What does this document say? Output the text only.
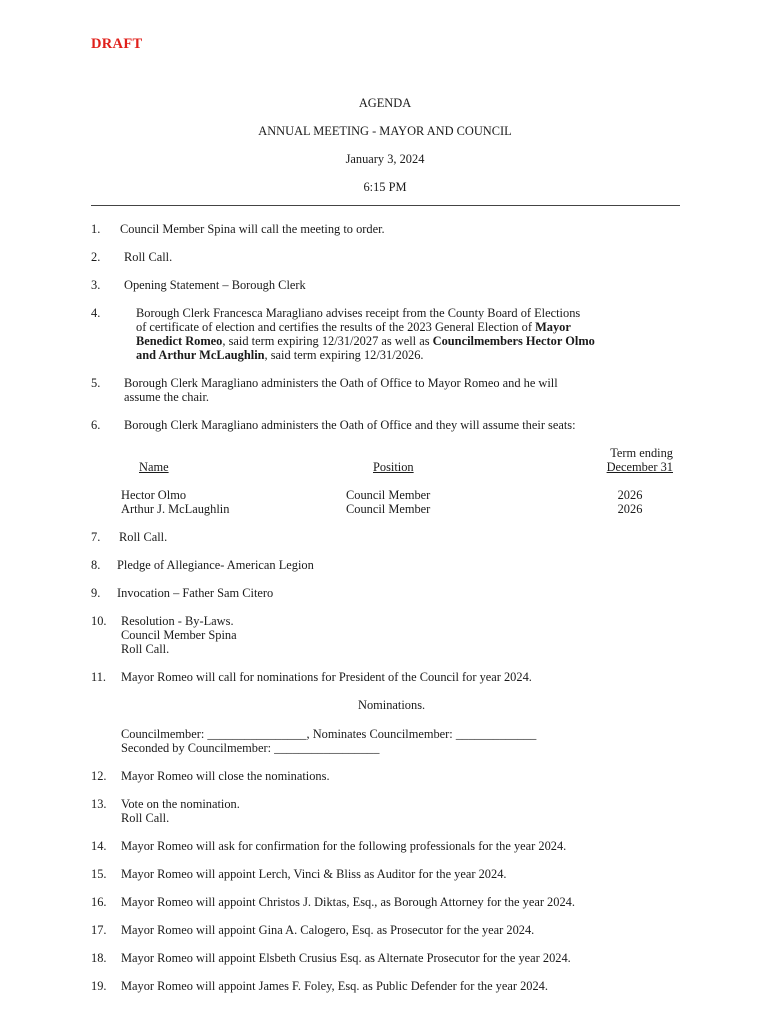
DRAFT
AGENDA
ANNUAL MEETING - MAYOR AND COUNCIL
January 3, 2024
6:15 PM
1. Council Member Spina will call the meeting to order.
2. Roll Call.
3. Opening Statement – Borough Clerk
4.	Borough Clerk Francesca Maragliano advises receipt from the County Board of Elections
of certificate of election and certifies the results of the 2023 General Election of Mayor
Benedict Romeo, said term expiring 12/31/2027 as well as Councilmembers Hector Olmo
and Arthur McLaughlin, said term expiring 12/31/2026.
5. Borough Clerk Maragliano administers the Oath of Office to Mayor Romeo and he will
assume the chair.
6. Borough Clerk Maragliano administers the Oath of Office and they will assume their seats:
Term ending
Name	Position	December 31
Hector Olmo	Council Member	2026
Arthur J. McLaughlin	Council Member	2026
7. Roll Call.
8. Pledge of Allegiance- American Legion
9. Invocation – Father Sam Citero
10. Resolution - By-Laws.
Council Member Spina
Roll Call.
11. Mayor Romeo will call for nominations for President of the Council for year 2024.
Nominations.
Councilmember: ________________, Nominates Councilmember: _____________
Seconded by Councilmember: _________________
12. Mayor Romeo will close the nominations.
13. Vote on the nomination.
Roll Call.
14. Mayor Romeo will ask for confirmation for the following professionals for the year 2024.
15. Mayor Romeo will appoint Lerch, Vinci & Bliss as Auditor for the year 2024.
16. Mayor Romeo will appoint Christos J. Diktas, Esq., as Borough Attorney for the year 2024.
17. Mayor Romeo will appoint Gina A. Calogero, Esq. as Prosecutor for the year 2024.
18. Mayor Romeo will appoint Elsbeth Crusius Esq. as Alternate Prosecutor for the year 2024.
19. Mayor Romeo will appoint James F. Foley, Esq. as Public Defender for the year 2024.
